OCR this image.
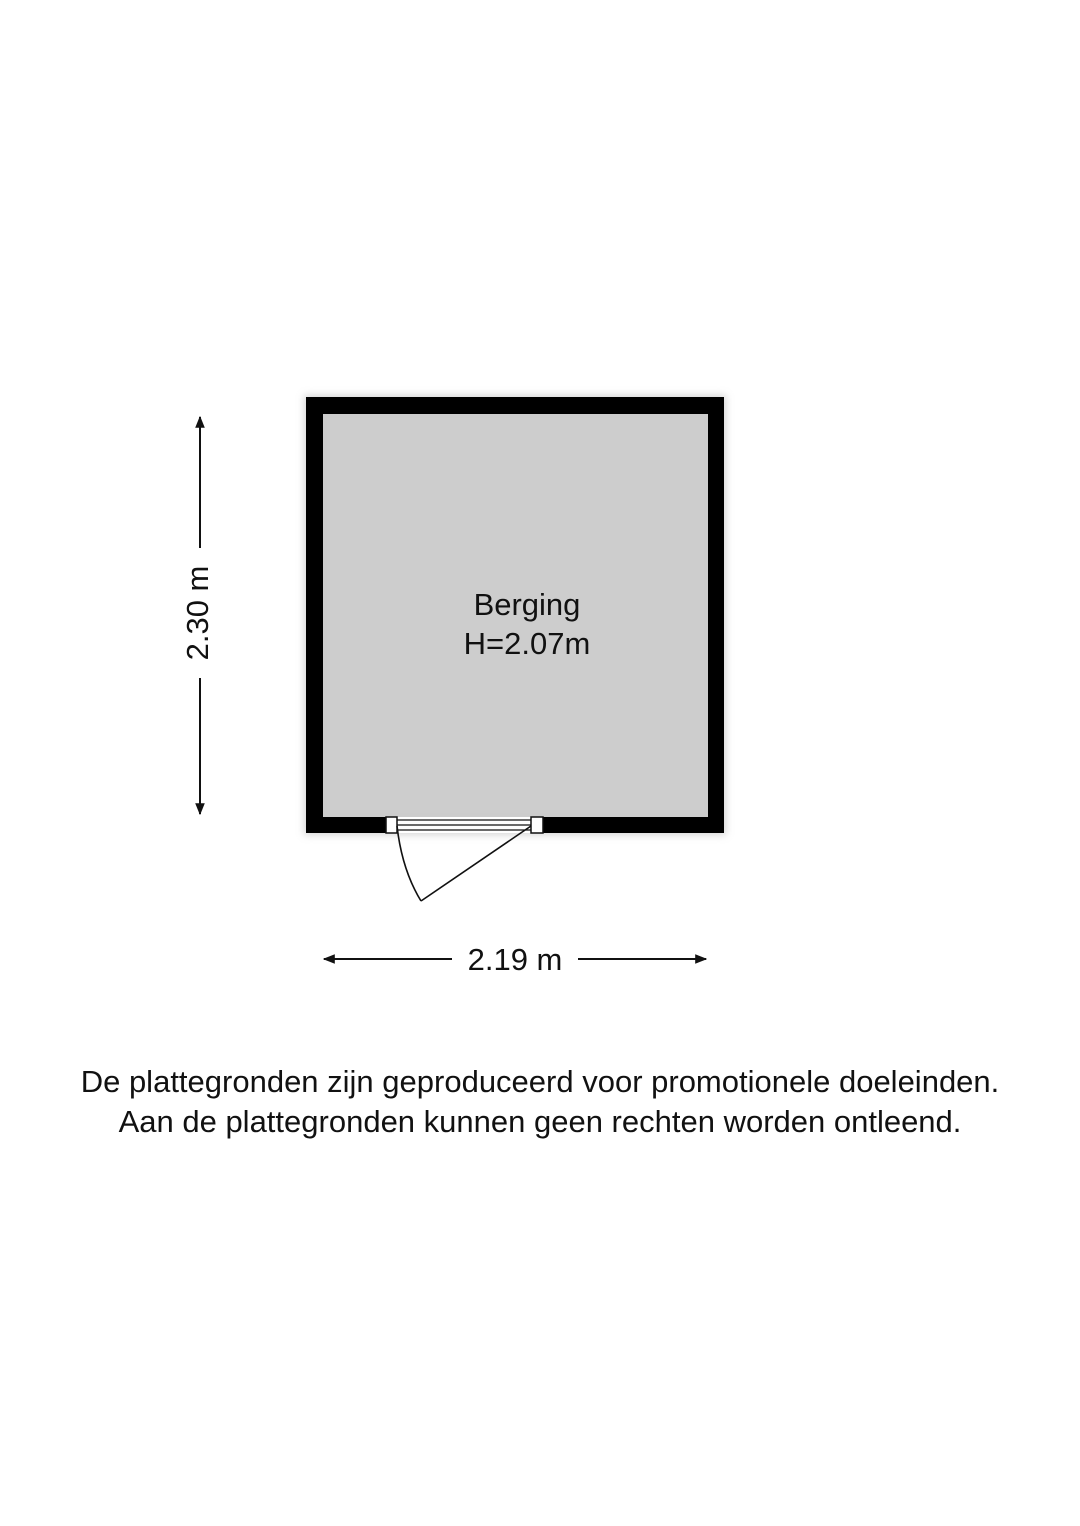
Berging
H=2.07m
2.30 m
2.19 m
De plattegronden zijn geproduceerd voor promotionele doeleinden.
Aan de plattegronden kunnen geen rechten worden ontleend.
